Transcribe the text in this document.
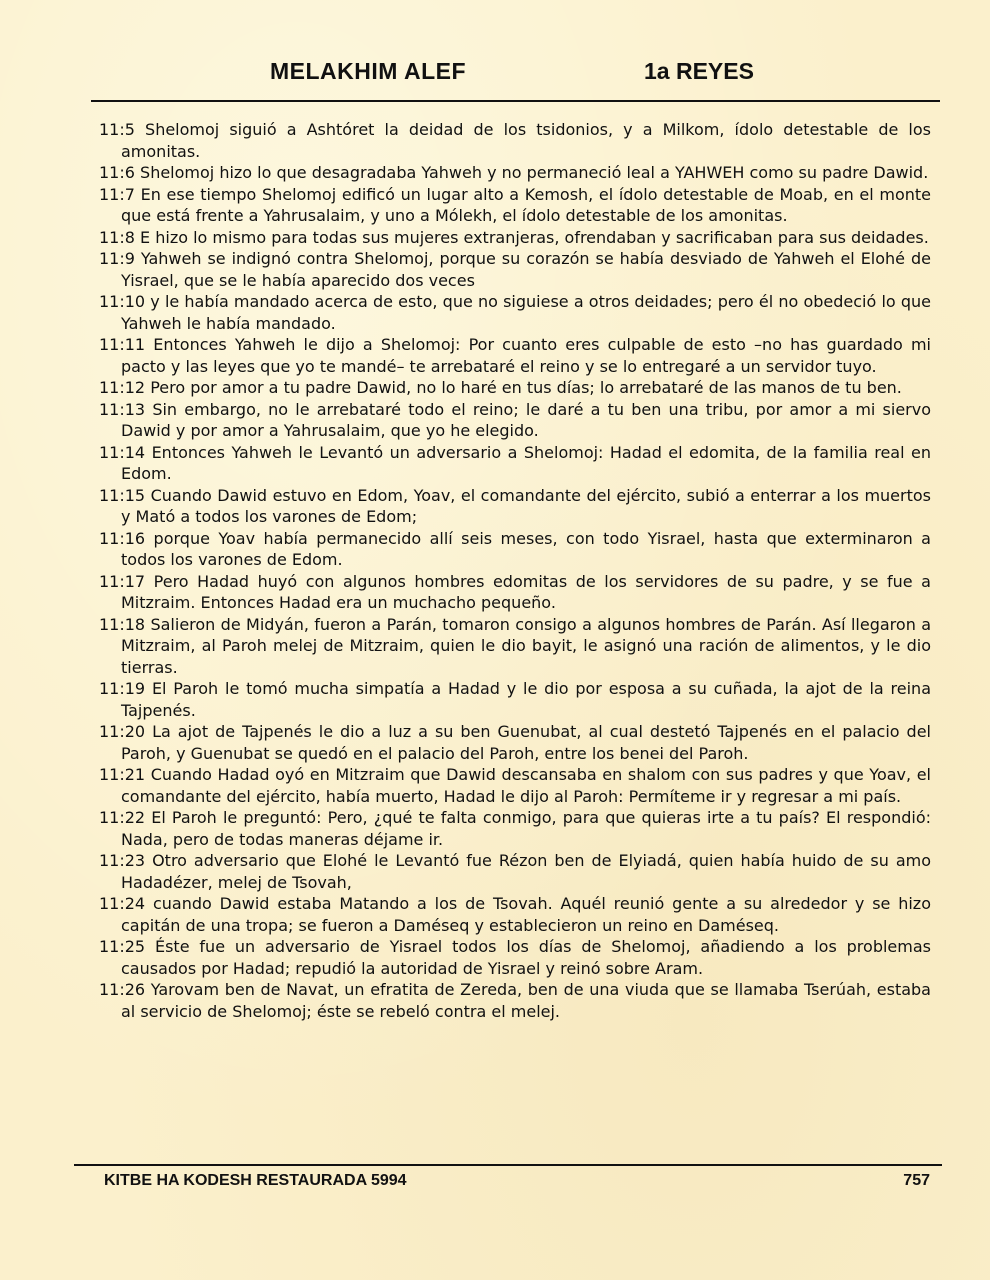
MELAKHIM ALEF	1a REYES

11:5 Shelomoj siguió a Ashtóret la deidad de los tsidonios, y a Milkom, ídolo detestable de los amonitas.

11:6 Shelomoj hizo lo que desagradaba Yahweh y no permaneció leal a YAHWEH como su padre Dawid.

11:7 En ese tiempo Shelomoj edificó un lugar alto a Kemosh, el ídolo detestable de Moab, en el monte que está frente a Yahrusalaim, y uno a Mólekh, el ídolo detestable de los amonitas.

11:8 E hizo lo mismo para todas sus mujeres extranjeras, ofrendaban y sacrificaban para sus deidades.

11:9 Yahweh se indignó contra Shelomoj, porque su corazón se había desviado de Yahweh el Elohé de Yisrael, que se le había aparecido dos veces

11:10 y le había mandado acerca de esto, que no siguiese a otros deidades; pero él no obedeció lo que Yahweh le había mandado.

11:11 Entonces Yahweh le dijo a Shelomoj: Por cuanto eres culpable de esto –no has guardado mi pacto y las leyes que yo te mandé– te arrebataré el reino y se lo entregaré a un servidor tuyo.

11:12 Pero por amor a tu padre Dawid, no lo haré en tus días; lo arrebataré de las manos de tu ben.

11:13 Sin embargo, no le arrebataré todo el reino; le daré a tu ben una tribu, por amor a mi siervo Dawid y por amor a Yahrusalaim, que yo he elegido.

11:14 Entonces Yahweh le Levantó un adversario a Shelomoj: Hadad el edomita, de la familia real en Edom.

11:15 Cuando Dawid estuvo en Edom, Yoav, el comandante del ejército, subió a enterrar a los muertos y Mató a todos los varones de Edom;

11:16 porque Yoav había permanecido allí seis meses, con todo Yisrael, hasta que exterminaron a todos los varones de Edom.

11:17 Pero Hadad huyó con algunos hombres edomitas de los servidores de su padre, y se fue a Mitzraim. Entonces Hadad era un muchacho pequeño.

11:18 Salieron de Midyán, fueron a Parán, tomaron consigo a algunos hombres de Parán. Así llegaron a Mitzraim, al Paroh melej de Mitzraim, quien le dio bayit, le asignó una ración de alimentos, y le dio tierras.

11:19 El Paroh le tomó mucha simpatía a Hadad y le dio por esposa a su cuñada, la ajot de la reina Tajpenés.

11:20 La ajot de Tajpenés le dio a luz a su ben Guenubat, al cual destetó Tajpenés en el palacio del Paroh, y Guenubat se quedó en el palacio del Paroh, entre los benei del Paroh.

11:21 Cuando Hadad oyó en Mitzraim que Dawid descansaba en shalom con sus padres y que Yoav, el comandante del ejército, había muerto, Hadad le dijo al Paroh: Permíteme ir y regresar a mi país.

11:22 El Paroh le preguntó: Pero, ¿qué te falta conmigo, para que quieras irte a tu país? El respondió: Nada, pero de todas maneras déjame ir.

11:23 Otro adversario que Elohé le Levantó fue Rézon ben de Elyiadá, quien había huido de su amo Hadadézer, melej de Tsovah,

11:24 cuando Dawid estaba Matando a los de Tsovah. Aquél reunió gente a su alrededor y se hizo capitán de una tropa; se fueron a Daméseq y establecieron un reino en Daméseq.

11:25 Éste fue un adversario de Yisrael todos los días de Shelomoj, añadiendo a los problemas causados por Hadad; repudió la autoridad de Yisrael y reinó sobre Aram.

11:26 Yarovam ben de Navat, un efratita de Zereda, ben de una viuda que se llamaba Tserúah, estaba al servicio de Shelomoj; éste se rebeló contra el melej.

KITBE HA KODESH RESTAURADA 5994	757
